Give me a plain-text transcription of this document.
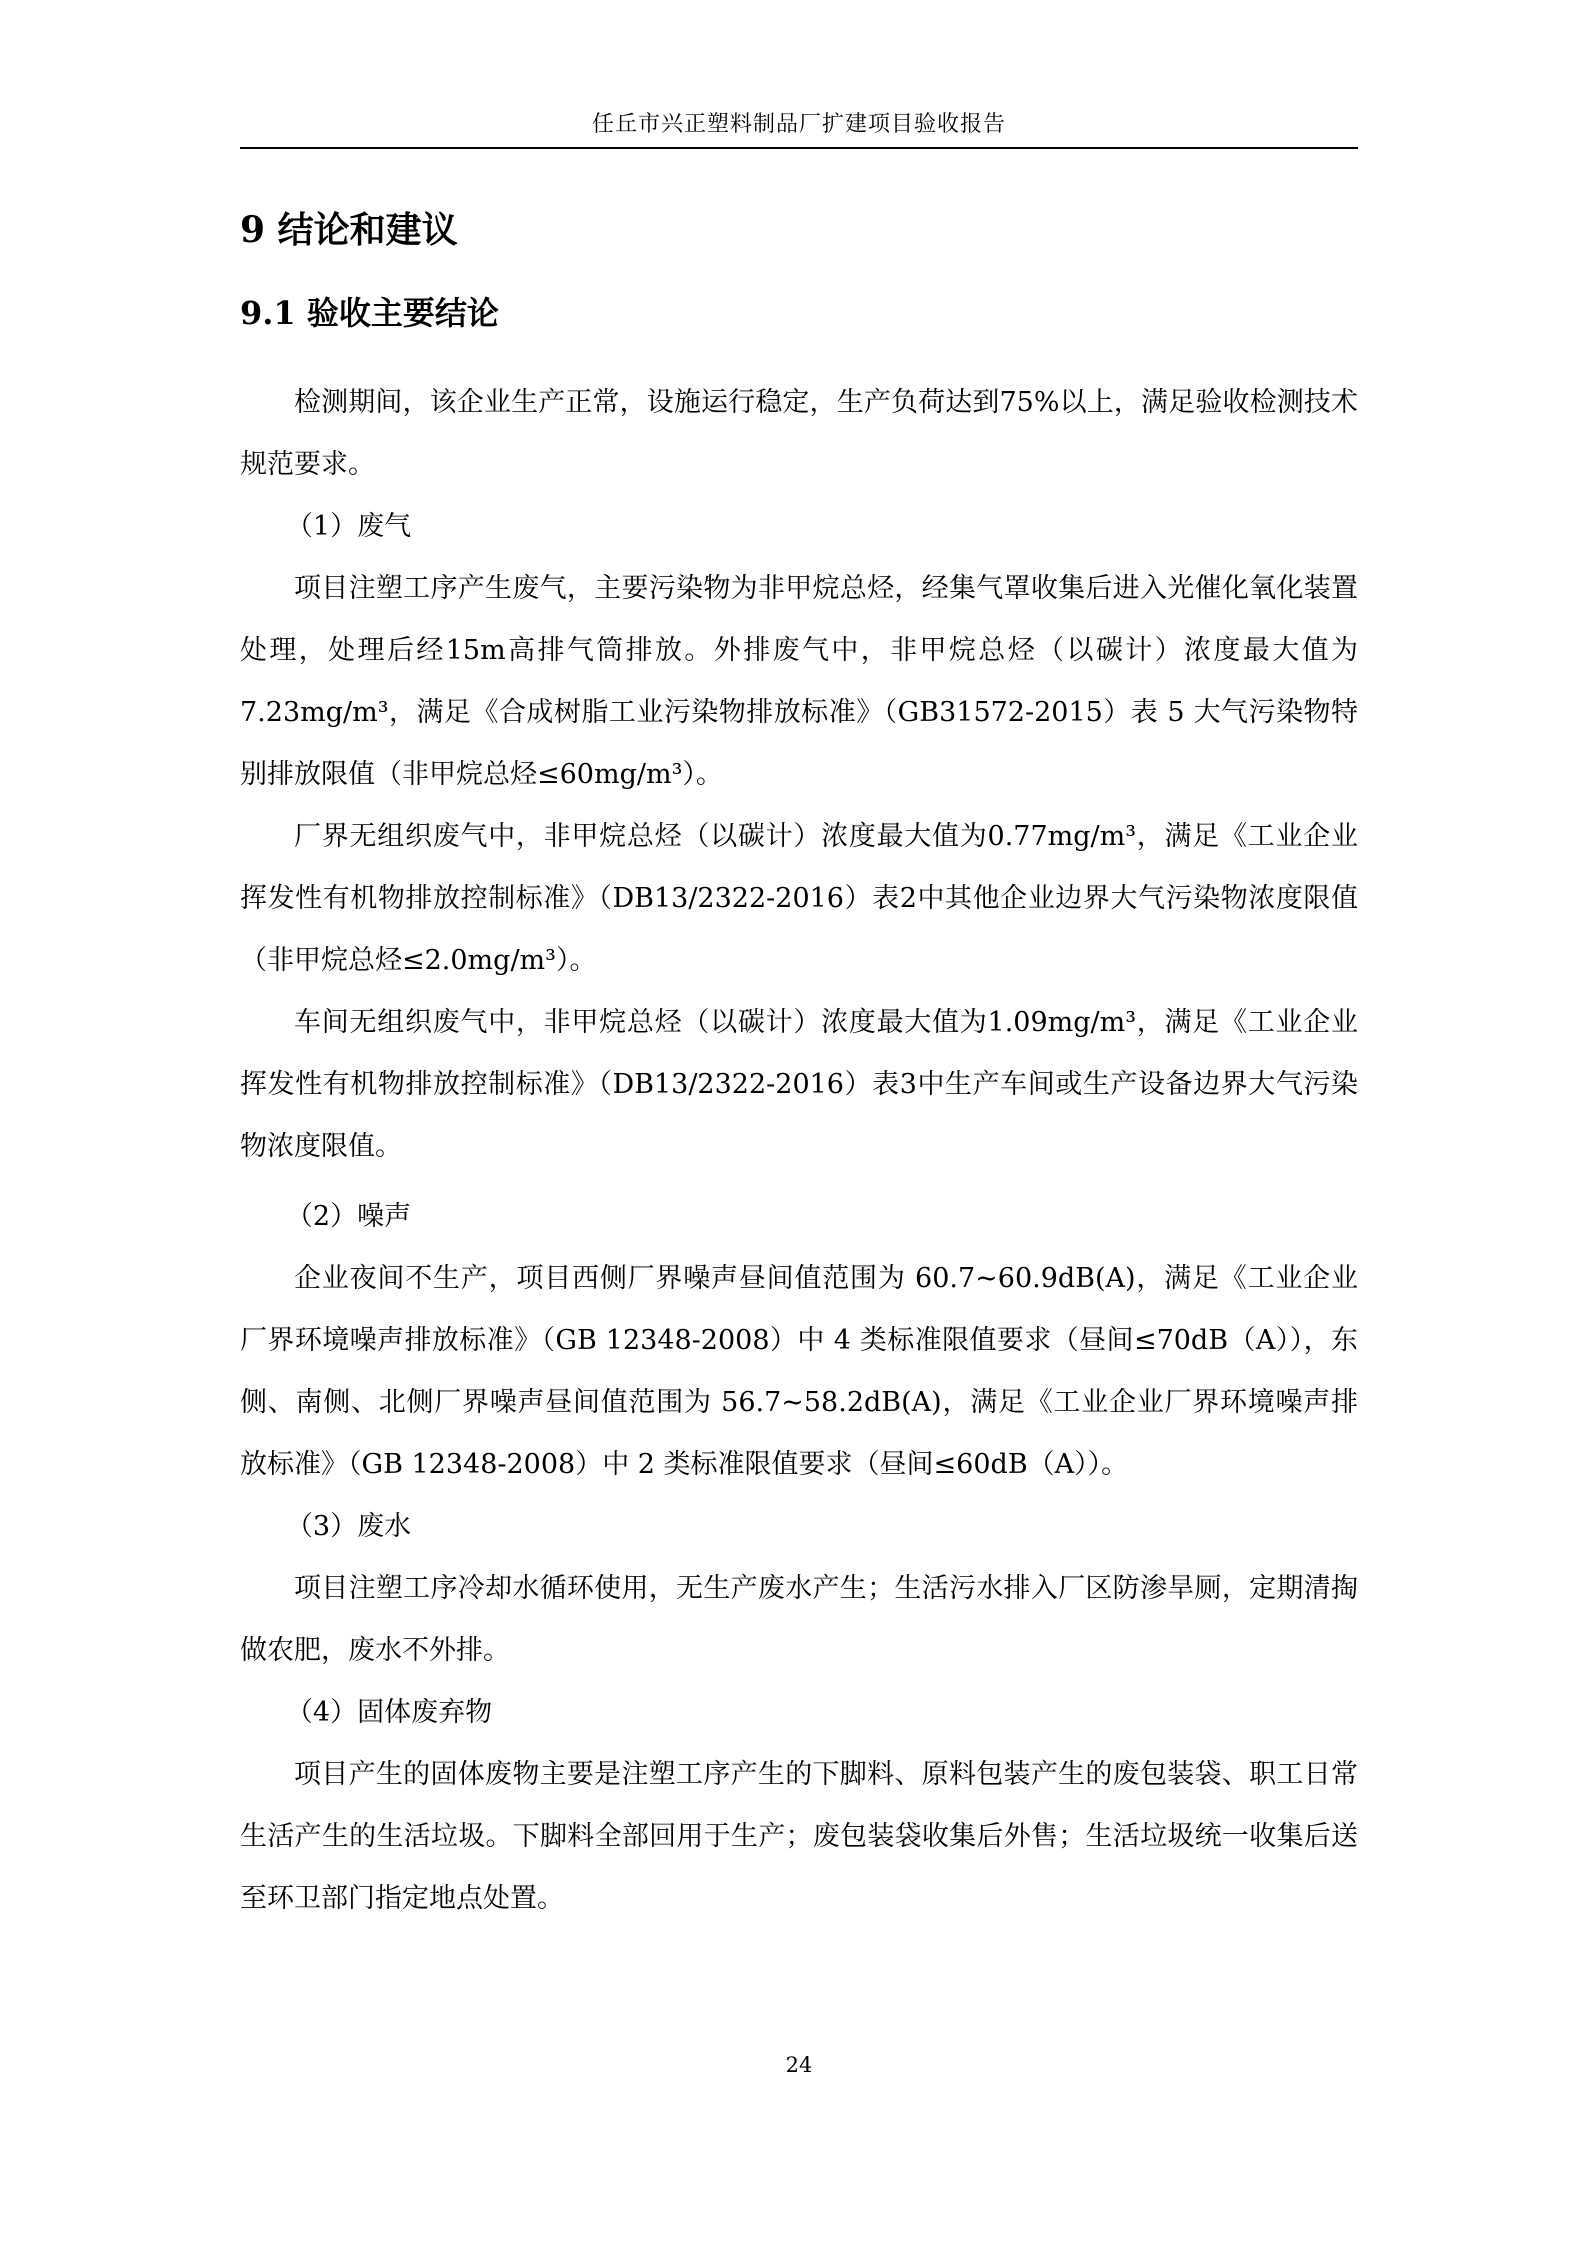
任丘市兴正塑料制品厂扩建项目验收报告
9 结论和建议
9.1 验收主要结论

检测期间，该企业生产正常，设施运行稳定，生产负荷达到75%以上，满足验收检测技术规范要求。

（1）废气

项目注塑工序产生废气，主要污染物为非甲烷总烃，经集气罩收集后进入光催化氧化装置处理，处理后经15m高排气筒排放。外排废气中，非甲烷总烃（以碳计）浓度最大值为7.23mg/m³，满足《合成树脂工业污染物排放标准》（GB31572-2015）表 5 大气污染物特别排放限值（非甲烷总烃≤60mg/m³）。

厂界无组织废气中，非甲烷总烃（以碳计）浓度最大值为0.77mg/m³，满足《工业企业挥发性有机物排放控制标准》（DB13/2322-2016）表2中其他企业边界大气污染物浓度限值（非甲烷总烃≤2.0mg/m³）。

车间无组织废气中，非甲烷总烃（以碳计）浓度最大值为1.09mg/m³，满足《工业企业挥发性有机物排放控制标准》（DB13/2322-2016）表3中生产车间或生产设备边界大气污染物浓度限值。

（2）噪声

企业夜间不生产，项目西侧厂界噪声昼间值范围为 60.7~60.9dB(A)，满足《工业企业厂界环境噪声排放标准》（GB 12348-2008）中 4 类标准限值要求（昼间≤70dB（A）），东侧、南侧、北侧厂界噪声昼间值范围为 56.7~58.2dB(A)，满足《工业企业厂界环境噪声排放标准》（GB 12348-2008）中 2 类标准限值要求（昼间≤60dB（A））。

（3）废水

项目注塑工序冷却水循环使用，无生产废水产生；生活污水排入厂区防渗旱厕，定期清掏做农肥，废水不外排。

（4）固体废弃物

项目产生的固体废物主要是注塑工序产生的下脚料、原料包装产生的废包装袋、职工日常生活产生的生活垃圾。下脚料全部回用于生产；废包装袋收集后外售；生活垃圾统一收集后送至环卫部门指定地点处置。

24
